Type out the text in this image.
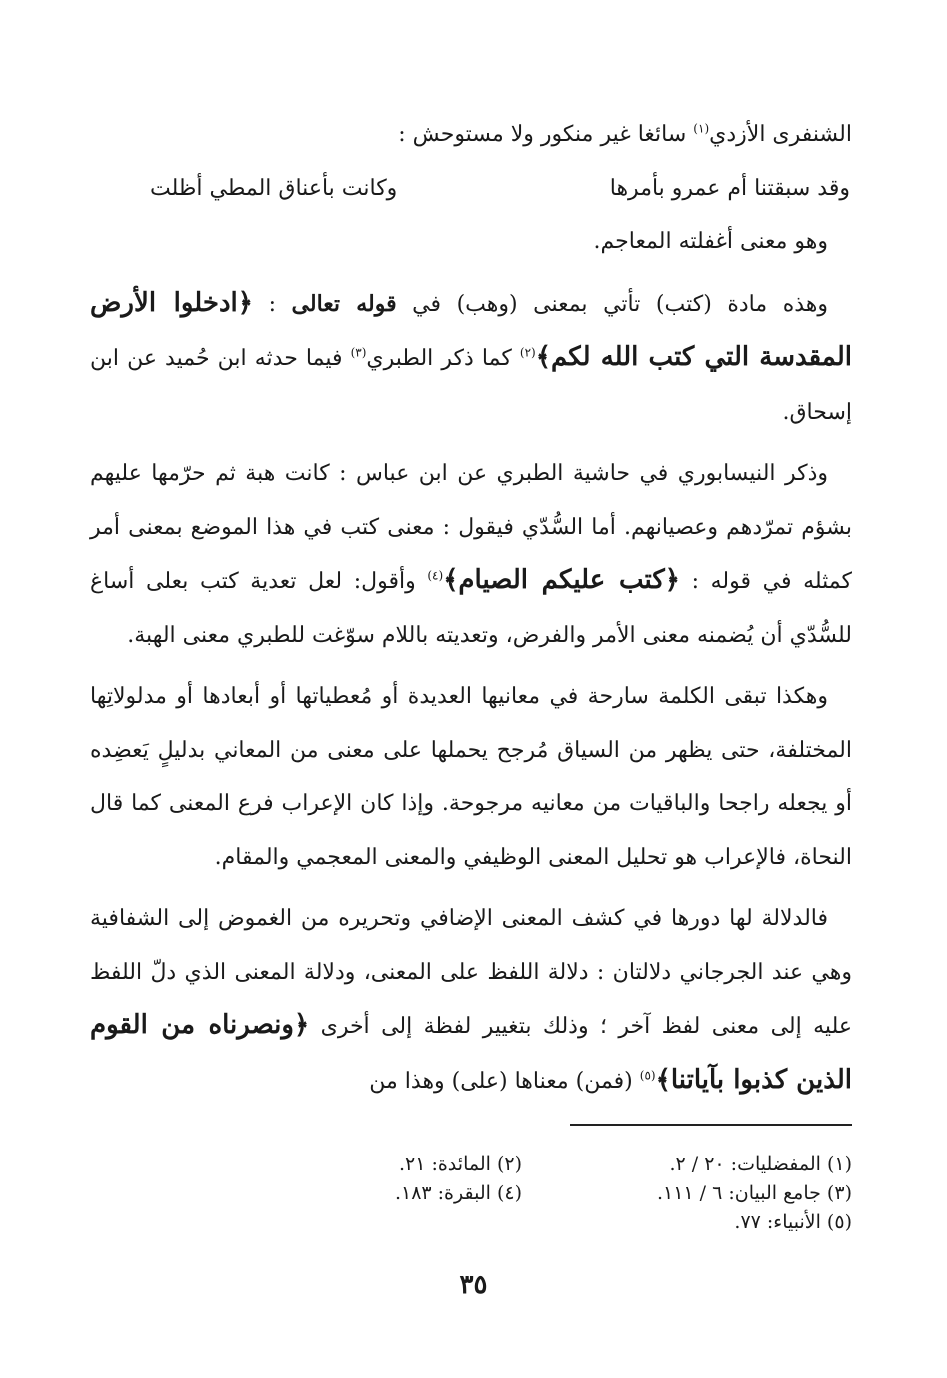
الشنفرى الأزدي$^{(١)}$ سائغا غير منكور ولا مستوحش :

وقد سبقتنا أم عمرو بأمرها
وكانت بأعناق المطي أظلت

وهو معنى أغفلته المعاجم.

وهذه مادة (كتب) تأتي بمعنى (وهب) في قوله تعالى : ﴿ادخلوا الأرض المقدسة التي كتب الله لكم﴾$^{(٢)}$ كما ذكر الطبري$^{(٣)}$ فيما حدثه ابن حُميد عن ابن إسحاق.

وذكر النيسابوري في حاشية الطبري عن ابن عباس : كانت هبة ثم حرّمها عليهم بشؤم تمرّدهم وعصيانهم. أما السُّدّي فيقول : معنى كتب في هذا الموضع بمعنى أمر كمثله في قوله : ﴿كتب عليكم الصيام﴾$^{(٤)}$ وأقول: لعل تعدية كتب بعلى أساغ للسُّدّي أن يُضمنه معنى الأمر والفرض، وتعديته باللام سوّغت للطبري معنى الهبة.

وهكذا تبقى الكلمة سارحة في معانيها العديدة أو مُعطياتها أو أبعادها أو مدلولاتِها المختلفة، حتى يظهر من السياق مُرجح يحملها على معنى من المعاني بدليلٍ يَعضِده أو يجعله راجحا والباقيات من معانيه مرجوحة. وإذا كان الإعراب فرع المعنى كما قال النحاة، فالإعراب هو تحليل المعنى الوظيفي والمعنى المعجمي والمقام.

فالدلالة لها دورها في كشف المعنى الإضافي وتحريره من الغموض إلى الشفافية وهي عند الجرجاني دلالتان : دلالة اللفظ على المعنى، ودلالة المعنى الذي دلّ اللفظ عليه إلى معنى لفظ آخر ؛ وذلك بتغيير لفظة إلى أخرى ﴿ونصرناه من القوم الذين كذبوا بآياتنا﴾$^{(٥)}$ (فمن) معناها (على) وهذا من

(١) المفضليات: ٢٠ / ٢.
(٢) المائدة: ٢١.
(٣) جامع البيان: ٦ / ١١١.
(٤) البقرة: ١٨٣.
(٥) الأنبياء: ٧٧.
٣٥
